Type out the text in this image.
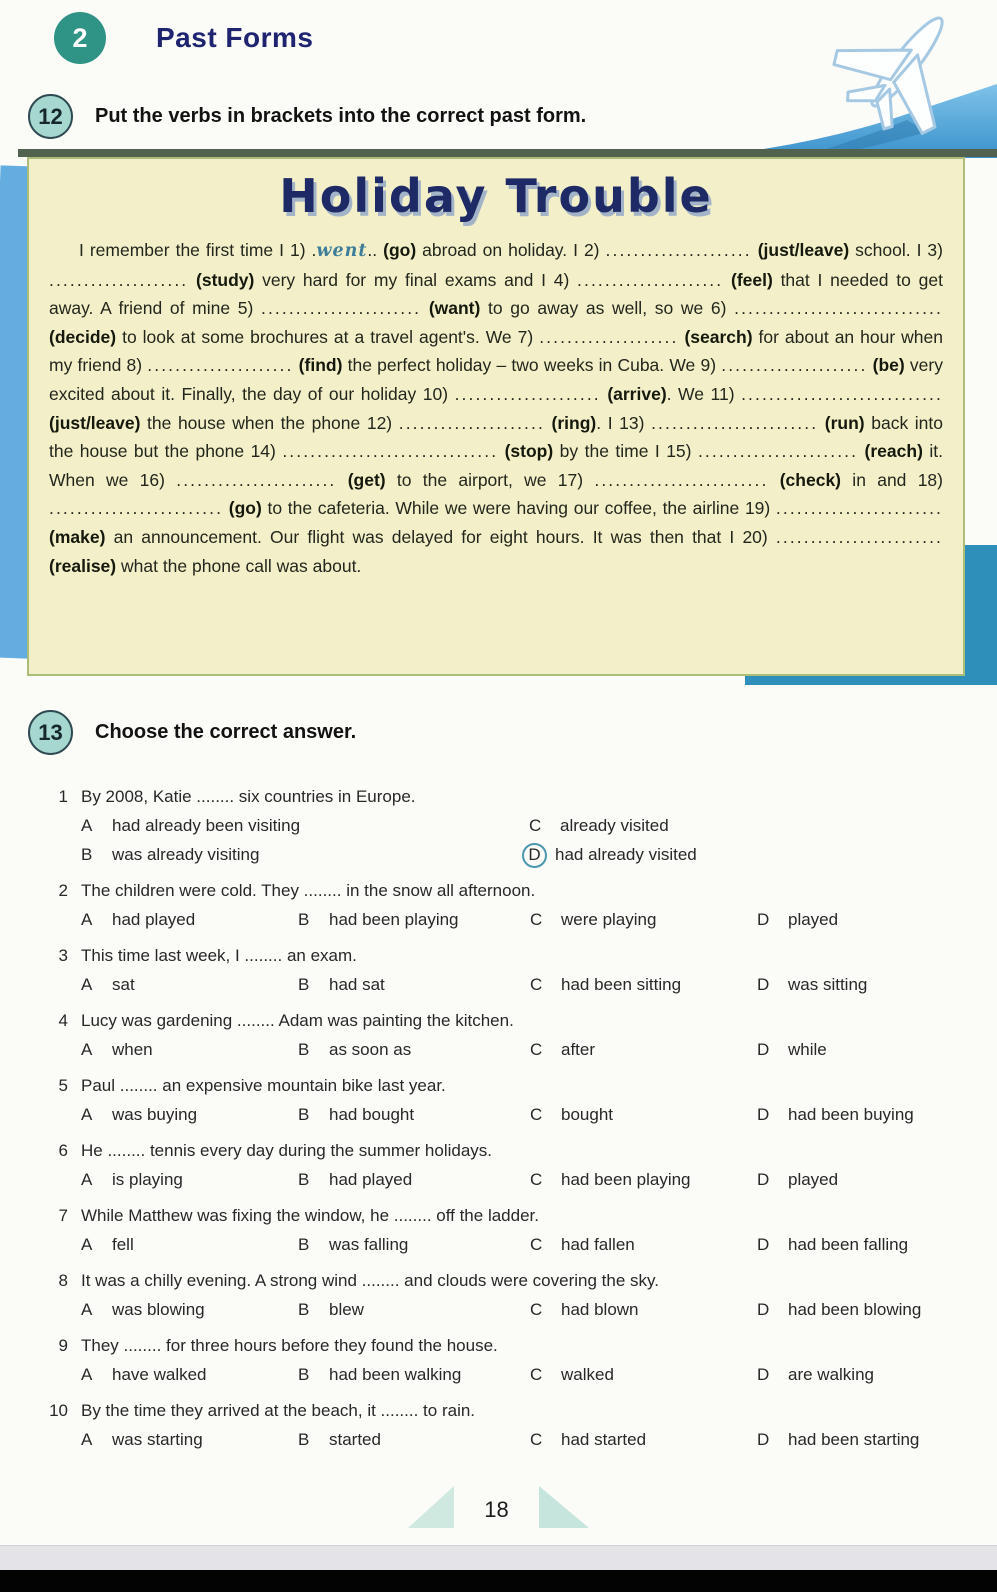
2 Past Forms
12 Put the verbs in brackets into the correct past form.
Holiday Trouble
I remember the first time I 1) .went.. (go) abroad on holiday. I 2) ..................... (just/leave) school. I 3) .................... (study) very hard for my final exams and I 4) ..................... (feel) that I needed to get away. A friend of mine 5) ....................... (want) to go away as well, so we 6) .............................. (decide) to look at some brochures at a travel agent's. We 7) .................... (search) for about an hour when my friend 8) ..................... (find) the perfect holiday – two weeks in Cuba. We 9) ..................... (be) very excited about it. Finally, the day of our holiday 10) ..................... (arrive). We 11) ............................. (just/leave) the house when the phone 12) ..................... (ring). I 13) ........................ (run) back into the house but the phone 14) ............................... (stop) by the time I 15) ....................... (reach) it. When we 16) ....................... (get) to the airport, we 17) ......................... (check) in and 18) ......................... (go) to the cafeteria. While we were having our coffee, the airline 19) ........................ (make) an announcement. Our flight was delayed for eight hours. It was then that I 20) ........................ (realise) what the phone call was about.
13 Choose the correct answer.
1 By 2008, Katie ........ six countries in Europe.
A had already been visiting	C already visited
B was already visiting	D had already visited
2 The children were cold. They ........ in the snow all afternoon.
A had played	B had been playing	C were playing	D played
3 This time last week, I ........ an exam.
A sat	B had sat	C had been sitting	D was sitting
4 Lucy was gardening ........ Adam was painting the kitchen.
A when	B as soon as	C after	D while
5 Paul ........ an expensive mountain bike last year.
A was buying	B had bought	C bought	D had been buying
6 He ........ tennis every day during the summer holidays.
A is playing	B had played	C had been playing	D played
7 While Matthew was fixing the window, he ........ off the ladder.
A fell	B was falling	C had fallen	D had been falling
8 It was a chilly evening. A strong wind ........ and clouds were covering the sky.
A was blowing	B blew	C had blown	D had been blowing
9 They ........ for three hours before they found the house.
A have walked	B had been walking	C walked	D are walking
10 By the time they arrived at the beach, it ........ to rain.
A was starting	B started	C had started	D had been starting
18
